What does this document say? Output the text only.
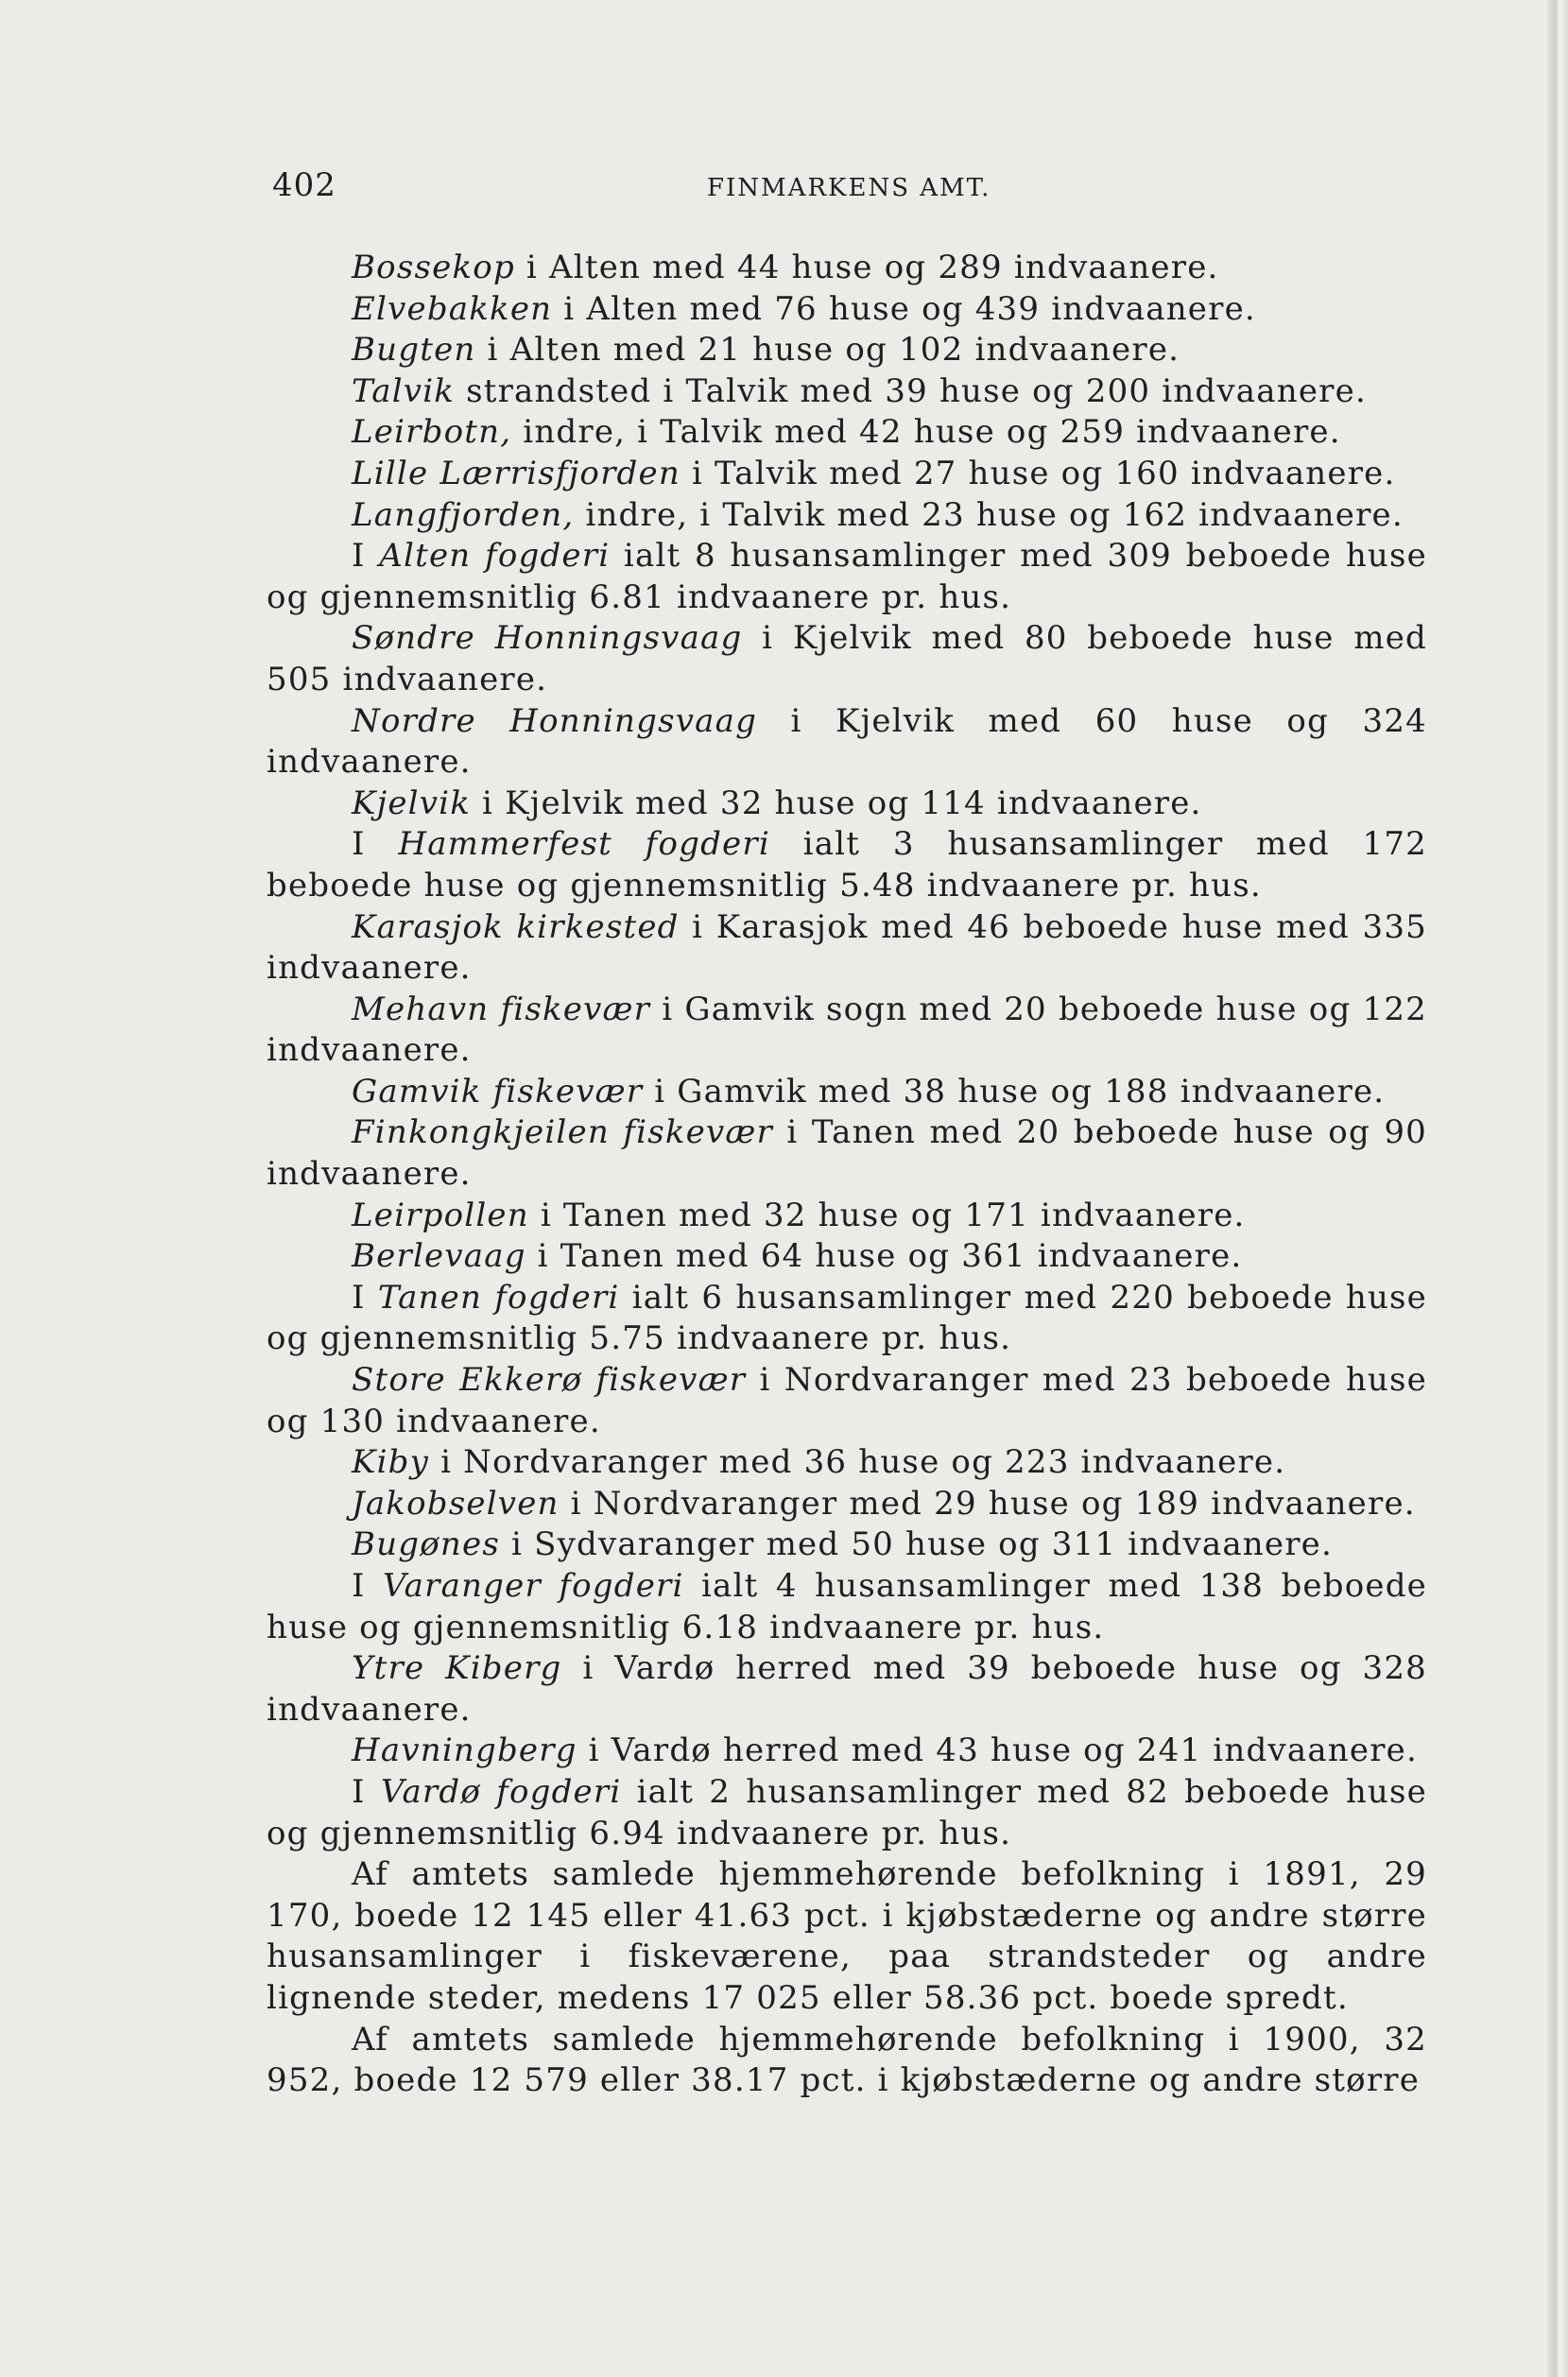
402	FINMARKENS AMT.

Bossekop i Alten med 44 huse og 289 indvaanere.

Elvebakken i Alten med 76 huse og 439 indvaanere.

Bugten i Alten med 21 huse og 102 indvaanere.

Talvik strandsted i Talvik med 39 huse og 200 indvaanere.

Leirbotn, indre, i Talvik med 42 huse og 259 indvaanere.

Lille Lærrisfjorden i Talvik med 27 huse og 160 indvaanere.

Langfjorden, indre, i Talvik med 23 huse og 162 indvaanere.

I Alten fogderi ialt 8 husansamlinger med 309 beboede huse og gjennemsnitlig 6.81 indvaanere pr. hus.

Søndre Honningsvaag i Kjelvik med 80 beboede huse med 505 indvaanere.

Nordre Honningsvaag i Kjelvik med 60 huse og 324 indvaanere.

Kjelvik i Kjelvik med 32 huse og 114 indvaanere.

I Hammerfest fogderi ialt 3 husansamlinger med 172 beboede huse og gjennemsnitlig 5.48 indvaanere pr. hus.

Karasjok kirkested i Karasjok med 46 beboede huse med 335 indvaanere.

Mehavn fiskevær i Gamvik sogn med 20 beboede huse og 122 indvaanere.

Gamvik fiskevær i Gamvik med 38 huse og 188 indvaanere.

Finkongkjeilen fiskevær i Tanen med 20 beboede huse og 90 indvaanere.

Leirpollen i Tanen med 32 huse og 171 indvaanere.

Berlevaag i Tanen med 64 huse og 361 indvaanere.

I Tanen fogderi ialt 6 husansamlinger med 220 beboede huse og gjennemsnitlig 5.75 indvaanere pr. hus.

Store Ekkerø fiskevær i Nordvaranger med 23 beboede huse og 130 indvaanere.

Kiby i Nordvaranger med 36 huse og 223 indvaanere.

Jakobselven i Nordvaranger med 29 huse og 189 indvaanere.

Bugønes i Sydvaranger med 50 huse og 311 indvaanere.

I Varanger fogderi ialt 4 husansamlinger med 138 beboede huse og gjennemsnitlig 6.18 indvaanere pr. hus.

Ytre Kiberg i Vardø herred med 39 beboede huse og 328 indvaanere.

Havningberg i Vardø herred med 43 huse og 241 indvaanere.

I Vardø fogderi ialt 2 husansamlinger med 82 beboede huse og gjennemsnitlig 6.94 indvaanere pr. hus.

Af amtets samlede hjemmehørende befolkning i 1891, 29 170, boede 12 145 eller 41.63 pct. i kjøbstæderne og andre større husansamlinger i fiskeværene, paa strandsteder og andre lignende steder, medens 17 025 eller 58.36 pct. boede spredt.

Af amtets samlede hjemmehørende befolkning i 1900, 32 952, boede 12 579 eller 38.17 pct. i kjøbstæderne og andre større
